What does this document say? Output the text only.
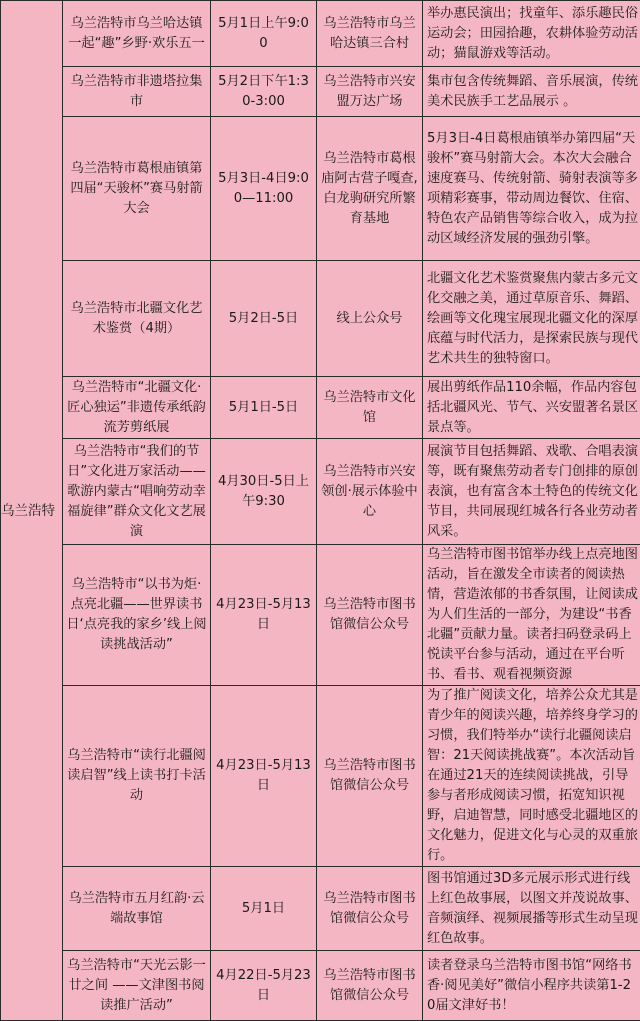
乌兰浩特	乌兰浩特市乌兰哈达镇一起“趣”乡野·欢乐五一	5月1日上午9:00	乌兰浩特市乌兰哈达镇三合村	举办惠民演出；找童年、添乐趣民俗运动会；田园拾趣，农耕体验劳动活动；猫鼠游戏等活动。
	乌兰浩特市非遗塔拉集市	5月2日下午1:30-3:00	乌兰浩特市兴安盟万达广场	集市包含传统舞蹈、音乐展演，传统美术民族手工艺品展示 。
	乌兰浩特市葛根庙镇第四届“天骏杯”赛马射箭大会	5月3日-4日9:00—11:00	乌兰浩特市葛根庙阿古营子嘎查,白龙驹研究所繁育基地	5月3日-4日葛根庙镇举办第四届“天骏杯”赛马射箭大会。本次大会融合速度赛马、传统射箭、骑射表演等多项精彩赛事，带动周边餐饮、住宿、特色农产品销售等综合收入，成为拉动区域经济发展的强劲引擎。
	乌兰浩特市北疆文化艺术鉴赏（4期）	5月2日-5日	线上公众号	北疆文化艺术鉴赏聚焦内蒙古多元文化交融之美，通过草原音乐、舞蹈、绘画等文化瑰宝展现北疆文化的深厚底蕴与时代活力，是探索民族与现代艺术共生的独特窗口。
	乌兰浩特市“北疆文化·匠心独运”非遗传承纸韵流芳剪纸展	5月1日-5日	乌兰浩特市文化馆	展出剪纸作品110余幅，作品内容包括北疆风光、节气、兴安盟著名景区景点等。
	乌兰浩特市“我们的节日”文化进万家活动——歌游内蒙古“唱响劳动幸福旋律”群众文化文艺展演	4月30日-5日上午9:30	乌兰浩特市兴安领创·展示体验中心	展演节目包括舞蹈、戏歌、合唱表演等，既有聚焦劳动者专门创排的原创表演，也有富含本土特色的传统文化节目，共同展现红城各行各业劳动者风采。
	乌兰浩特市“以书为炬·点亮北疆——世界读书日‘点亮我的家乡’线上阅读挑战活动”	4月23日-5月13日	乌兰浩特市图书馆微信公众号	乌兰浩特市图书馆举办线上点亮地图活动，旨在激发全市读者的阅读热情，营造浓郁的书香氛围，让阅读成为人们生活的一部分，为建设“书香北疆”贡献力量。读者扫码登录码上悦读平台参与活动，通过在平台听书、看书、观看视频资源
	乌兰浩特市“读行北疆阅读启智”线上读书打卡活动	4月23日-5月13日	乌兰浩特市图书馆微信公众号	为了推广阅读文化，培养公众尤其是青少年的阅读兴趣，培养终身学习的习惯，我们特举办“读行北疆阅读启智：21天阅读挑战赛”。本次活动旨在通过21天的连续阅读挑战，引导参与者形成阅读习惯，拓宽知识视野，启迪智慧，同时感受北疆地区的文化魅力，促进文化与心灵的双重旅行。
	乌兰浩特市五月红韵·云端故事馆	5月1日	乌兰浩特市图书馆微信公众号	图书馆通过3D多元展示形式进行线上红色故事展，以图文并茂说故事、音频演绎、视频展播等形式生动呈现红色故事。
	乌兰浩特市“天光云影一廿之间 ——文津图书阅读推广活动”	4月22日-5月23日	乌兰浩特市图书馆微信公众号	读者登录乌兰浩特市图书馆“网络书香·阅见美好”微信小程序共读第1-20届文津好书！
